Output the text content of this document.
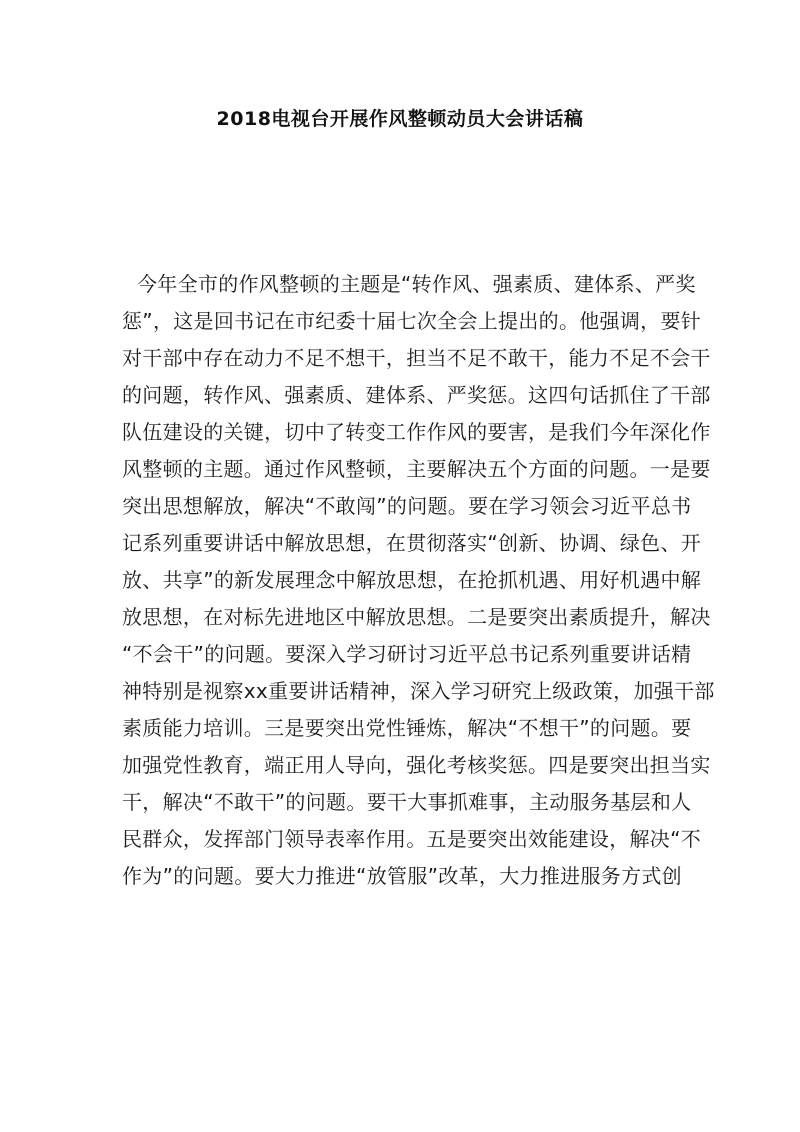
2018电视台开展作风整顿动员大会讲话稿
今年全市的作风整顿的主题是“转作风、强素质、建体系、严奖
惩”，这是回书记在市纪委十届七次全会上提出的。他强调，要针
对干部中存在动力不足不想干，担当不足不敢干，能力不足不会干
的问题，转作风、强素质、建体系、严奖惩。这四句话抓住了干部
队伍建设的关键，切中了转变工作作风的要害，是我们今年深化作
风整顿的主题。通过作风整顿，主要解决五个方面的问题。一是要
突出思想解放，解决“不敢闯”的问题。要在学习领会习近平总书
记系列重要讲话中解放思想，在贯彻落实“创新、协调、绿色、开
放、共享”的新发展理念中解放思想，在抢抓机遇、用好机遇中解
放思想，在对标先进地区中解放思想。二是要突出素质提升，解决
“不会干”的问题。要深入学习研讨习近平总书记系列重要讲话精
神特别是视察xx重要讲话精神，深入学习研究上级政策，加强干部
素质能力培训。三是要突出党性锤炼，解决“不想干”的问题。要
加强党性教育，端正用人导向，强化考核奖惩。四是要突出担当实
干，解决“不敢干”的问题。要干大事抓难事，主动服务基层和人
民群众，发挥部门领导表率作用。五是要突出效能建设，解决“不
作为”的问题。要大力推进“放管服”改革，大力推进服务方式创
